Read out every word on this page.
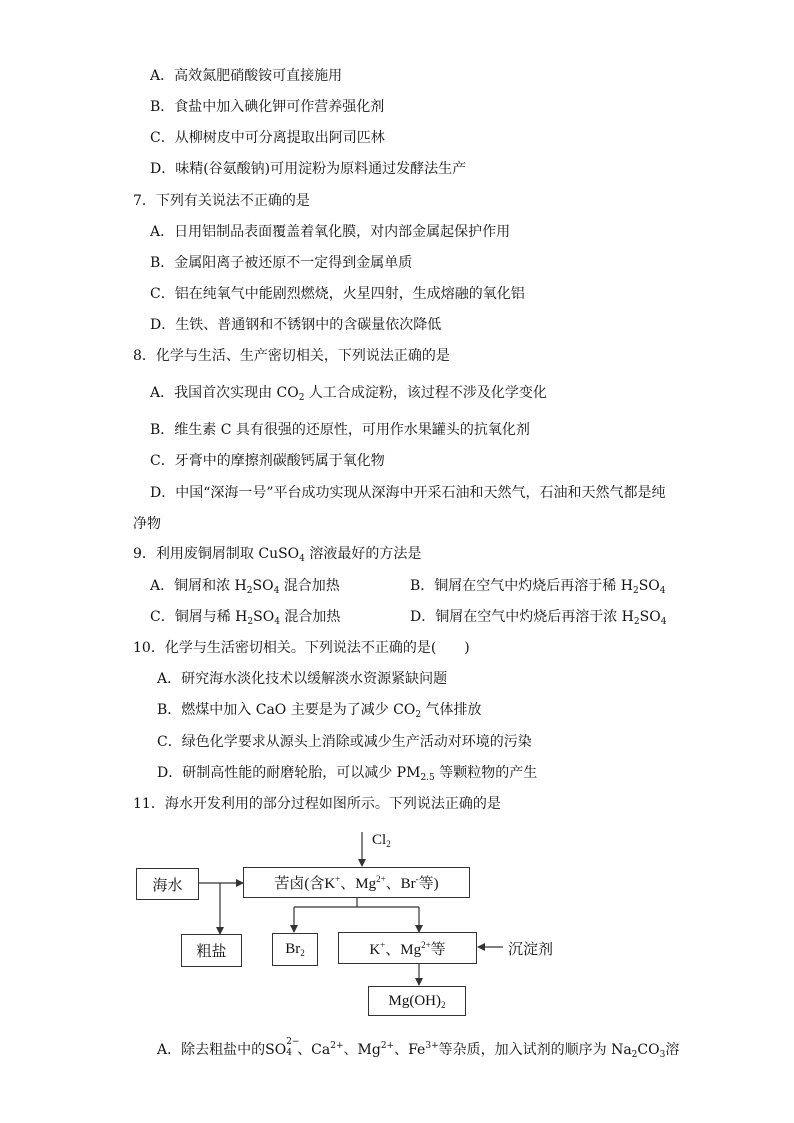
A．高效氮肥硝酸铵可直接施用
B．食盐中加入碘化钾可作营养强化剂
C．从柳树皮中可分离提取出阿司匹林
D．味精(谷氨酸钠)可用淀粉为原料通过发酵法生产
7．下列有关说法不正确的是
A．日用铝制品表面覆盖着氧化膜，对内部金属起保护作用
B．金属阳离子被还原不一定得到金属单质
C．铝在纯氧气中能剧烈燃烧，火星四射，生成熔融的氧化铝
D．生铁、普通钢和不锈钢中的含碳量依次降低
8．化学与生活、生产密切相关，下列说法正确的是
A．我国首次实现由 $CO_2$ 人工合成淀粉，该过程不涉及化学变化
B．维生素 C 具有很强的还原性，可用作水果罐头的抗氧化剂
C．牙膏中的摩擦剂碳酸钙属于氧化物
D．中国“深海一号”平台成功实现从深海中开采石油和天然气，石油和天然气都是纯
净物
9．利用废铜屑制取 CuSO$_4$ 溶液最好的方法是
A．铜屑和浓 $H_2SO_4$ 混合加热	B．铜屑在空气中灼烧后再溶于稀 $H_2SO_4$
C．铜屑与稀 $H_2SO_4$ 混合加热	D．铜屑在空气中灼烧后再溶于浓 $H_2SO_4$
10．化学与生活密切相关。下列说法不正确的是(　　)
A．研究海水淡化技术以缓解淡水资源紧缺问题
B．燃煤中加入 CaO 主要是为了减少 $CO_2$ 气体排放
C．绿色化学要求从源头上消除或减少生产活动对环境的污染
D．研制高性能的耐磨轮胎，可以减少 $PM_{2.5}$ 等颗粒物的产生
11．海水开发利用的部分过程如图所示。下列说法正确的是
$Cl_2$
海水	苦卤(含K+、$Mg^{2+}$、Br-等)
粗盐	$Br_2$	K+、$Mg^{2+}$等	沉淀剂
$Mg(OH)_2$
A．除去粗盐中的SO 2−
4 、$Ca^{2+}$、$Mg^{2+}$、$Fe^{3+}$等杂质，加入试剂的顺序为 $Na_2CO_3$溶
